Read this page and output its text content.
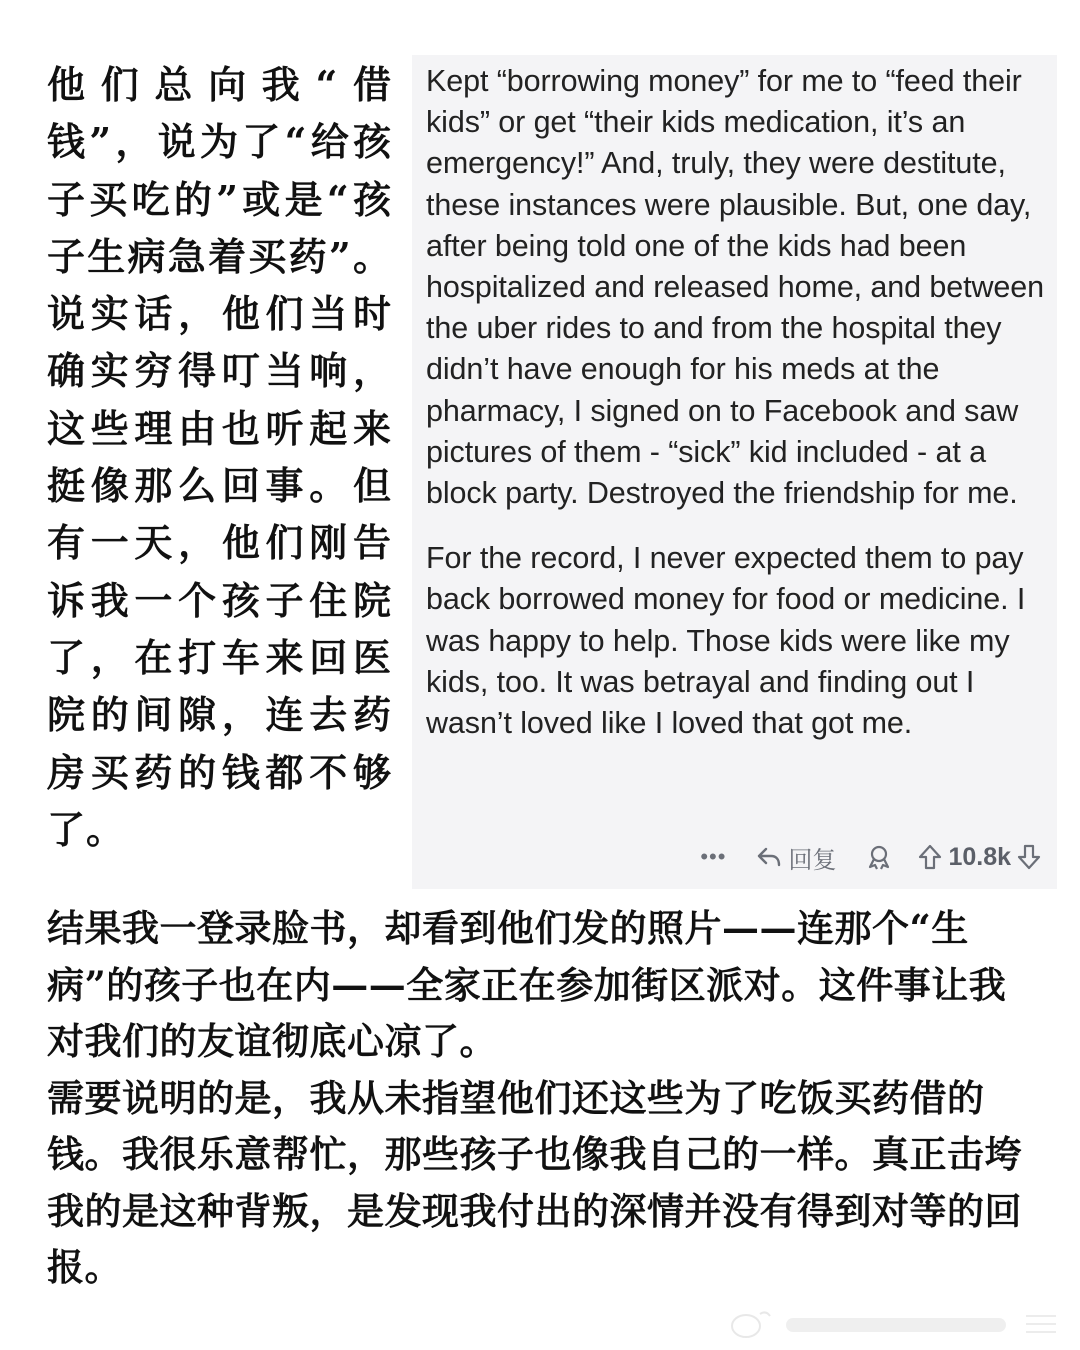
他们总向我“借钱”，说为了“给孩子买吃的”或是“孩子生病急着买药”。说实话，他们当时确实穷得叮当响，这些理由也听起来挺像那么回事。但有一天，他们刚告诉我一个孩子住院了，在打车来回医院的间隙，连去药房买药的钱都不够了。

Kept “borrowing money” for me to “feed their kids” or get “their kids medication, it’s an emergency!” And, truly, they were destitute, these instances were plausible. But, one day, after being told one of the kids had been hospitalized and released home, and between the uber rides to and from the hospital they didn’t have enough for his meds at the pharmacy, I signed on to Facebook and saw pictures of them - “sick” kid included - at a block party. Destroyed the friendship for me.

For the record, I never expected them to pay back borrowed money for food or medicine. I was happy to help. Those kids were like my kids, too. It was betrayal and finding out I wasn’t loved like I loved that got me.

•••	回复	10.8k

结果我一登录脸书，却看到他们发的照片——连那个“生病”的孩子也在内——全家正在参加街区派对。这件事让我对我们的友谊彻底心凉了。

需要说明的是，我从未指望他们还这些为了吃饭买药借的钱。我很乐意帮忙，那些孩子也像我自己的一样。真正击垮我的是这种背叛，是发现我付出的深情并没有得到对等的回报。
